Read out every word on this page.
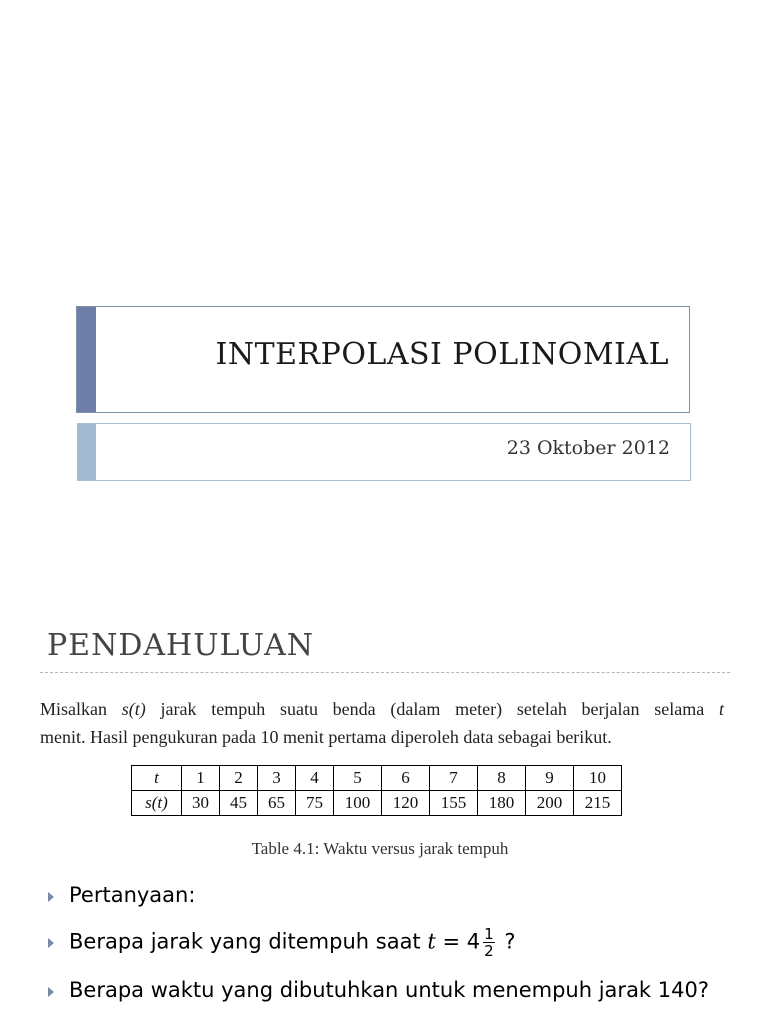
INTERPOLASI POLINOMIAL
23 Oktober 2012
PENDAHULUAN
Misalkan s(t) jarak tempuh suatu benda (dalam meter) setelah berjalan selama t
menit. Hasil pengukuran pada 10 menit pertama diperoleh data sebagai berikut.
t	1	2	3	4	5	6	7	8	9	10
s(t)	30	45	65	75	100	120	155	180	200	215
Table 4.1: Waktu versus jarak tempuh
Pertanyaan:
Berapa jarak yang ditempuh saat $t = 4 \frac{1}{2}$ ?
Berapa waktu yang dibutuhkan untuk menempuh jarak 140?
